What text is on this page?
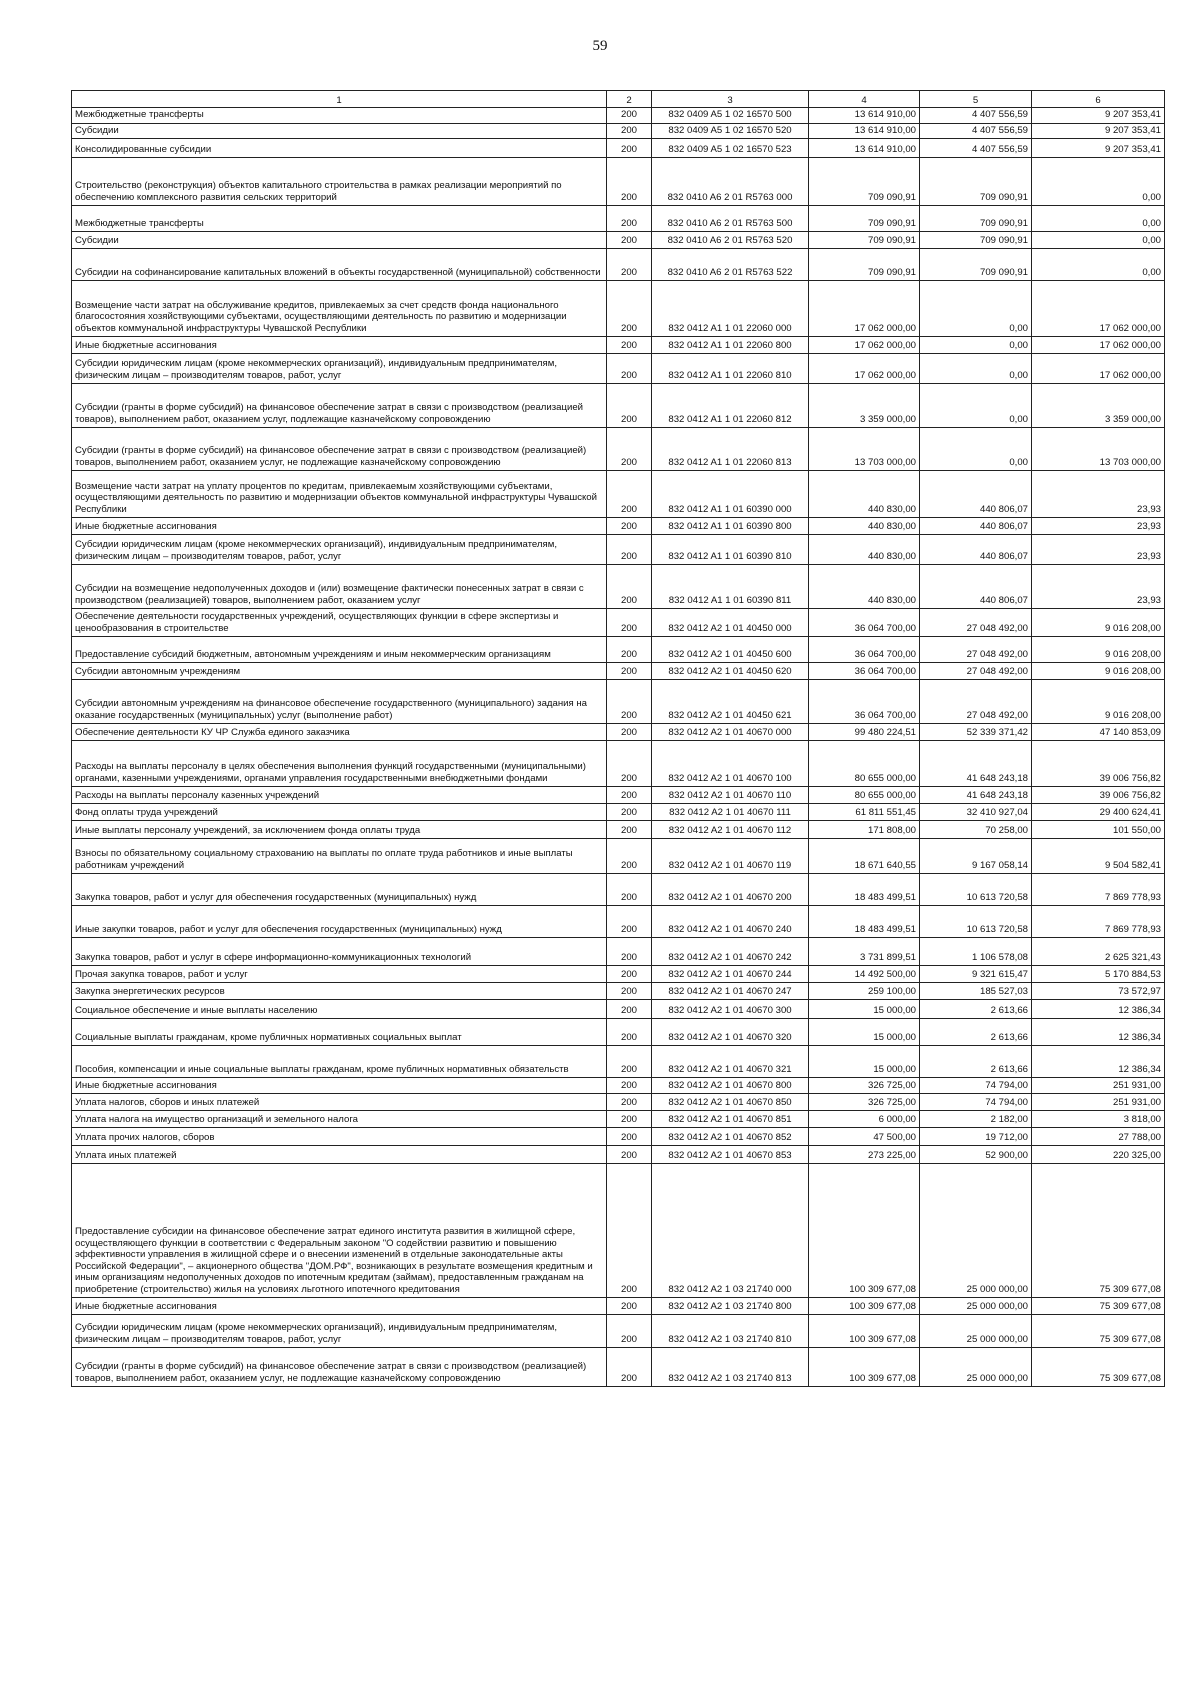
59
1	2	3	4	5	6
Межбюджетные трансферты	200	832 0409 A5 1 02 16570 500	13 614 910,00	4 407 556,59	9 207 353,41
Субсидии	200	832 0409 A5 1 02 16570 520	13 614 910,00	4 407 556,59	9 207 353,41
Консолидированные субсидии	200	832 0409 A5 1 02 16570 523	13 614 910,00	4 407 556,59	9 207 353,41
Строительство (реконструкция) объектов капитального строительства в рамках реализации мероприятий по обеспечению комплексного развития сельских территорий	200	832 0410 A6 2 01 R5763 000	709 090,91	709 090,91	0,00
Межбюджетные трансферты	200	832 0410 A6 2 01 R5763 500	709 090,91	709 090,91	0,00
Субсидии	200	832 0410 A6 2 01 R5763 520	709 090,91	709 090,91	0,00
Субсидии на софинансирование капитальных вложений в объекты государственной (муниципальной) собственности	200	832 0410 A6 2 01 R5763 522	709 090,91	709 090,91	0,00
Возмещение части затрат на обслуживание кредитов, привлекаемых за счет средств фонда национального благосостояния хозяйствующими субъектами, осуществляющими деятельность по развитию и модернизации объектов коммунальной инфраструктуры Чувашской Республики	200	832 0412 A1 1 01 22060 000	17 062 000,00	0,00	17 062 000,00
Иные бюджетные ассигнования	200	832 0412 A1 1 01 22060 800	17 062 000,00	0,00	17 062 000,00
Субсидии юридическим лицам (кроме некоммерческих организаций), индивидуальным предпринимателям, физическим лицам – производителям товаров, работ, услуг	200	832 0412 A1 1 01 22060 810	17 062 000,00	0,00	17 062 000,00
Субсидии (гранты в форме субсидий) на финансовое обеспечение затрат в связи с производством (реализацией товаров), выполнением работ, оказанием услуг, подлежащие казначейскому сопровождению	200	832 0412 A1 1 01 22060 812	3 359 000,00	0,00	3 359 000,00
Субсидии (гранты в форме субсидий) на финансовое обеспечение затрат в связи с производством (реализацией) товаров, выполнением работ, оказанием услуг, не подлежащие казначейскому сопровождению	200	832 0412 A1 1 01 22060 813	13 703 000,00	0,00	13 703 000,00
Возмещение части затрат на уплату процентов по кредитам, привлекаемым хозяйствующими субъектами, осуществляющими деятельность по развитию и модернизации объектов коммунальной инфраструктуры Чувашской Республики	200	832 0412 A1 1 01 60390 000	440 830,00	440 806,07	23,93
Иные бюджетные ассигнования	200	832 0412 A1 1 01 60390 800	440 830,00	440 806,07	23,93
Субсидии юридическим лицам (кроме некоммерческих организаций), индивидуальным предпринимателям, физическим лицам – производителям товаров, работ, услуг	200	832 0412 A1 1 01 60390 810	440 830,00	440 806,07	23,93
Субсидии на возмещение недополученных доходов и (или) возмещение фактически понесенных затрат в связи с производством (реализацией) товаров, выполнением работ, оказанием услуг	200	832 0412 A1 1 01 60390 811	440 830,00	440 806,07	23,93
Обеспечение деятельности государственных учреждений, осуществляющих функции в сфере экспертизы и ценообразования в строительстве	200	832 0412 A2 1 01 40450 000	36 064 700,00	27 048 492,00	9 016 208,00
Предоставление субсидий бюджетным, автономным учреждениям и иным некоммерческим организациям	200	832 0412 A2 1 01 40450 600	36 064 700,00	27 048 492,00	9 016 208,00
Субсидии автономным учреждениям	200	832 0412 A2 1 01 40450 620	36 064 700,00	27 048 492,00	9 016 208,00
Субсидии автономным учреждениям на финансовое обеспечение государственного (муниципального) задания на оказание государственных (муниципальных) услуг (выполнение работ)	200	832 0412 A2 1 01 40450 621	36 064 700,00	27 048 492,00	9 016 208,00
Обеспечение деятельности КУ ЧР Служба единого заказчика	200	832 0412 A2 1 01 40670 000	99 480 224,51	52 339 371,42	47 140 853,09
Расходы на выплаты персоналу в целях обеспечения выполнения функций государственными (муниципальными) органами, казенными учреждениями, органами управления государственными внебюджетными фондами	200	832 0412 A2 1 01 40670 100	80 655 000,00	41 648 243,18	39 006 756,82
Расходы на выплаты персоналу казенных учреждений	200	832 0412 A2 1 01 40670 110	80 655 000,00	41 648 243,18	39 006 756,82
Фонд оплаты труда учреждений	200	832 0412 A2 1 01 40670 111	61 811 551,45	32 410 927,04	29 400 624,41
Иные выплаты персоналу учреждений, за исключением фонда оплаты труда	200	832 0412 A2 1 01 40670 112	171 808,00	70 258,00	101 550,00
Взносы по обязательному социальному страхованию на выплаты по оплате труда работников и иные выплаты работникам учреждений	200	832 0412 A2 1 01 40670 119	18 671 640,55	9 167 058,14	9 504 582,41
Закупка товаров, работ и услуг для обеспечения государственных (муниципальных) нужд	200	832 0412 A2 1 01 40670 200	18 483 499,51	10 613 720,58	7 869 778,93
Иные закупки товаров, работ и услуг для обеспечения государственных (муниципальных) нужд	200	832 0412 A2 1 01 40670 240	18 483 499,51	10 613 720,58	7 869 778,93
Закупка товаров, работ и услуг в сфере информационно-коммуникационных технологий	200	832 0412 A2 1 01 40670 242	3 731 899,51	1 106 578,08	2 625 321,43
Прочая закупка товаров, работ и услуг	200	832 0412 A2 1 01 40670 244	14 492 500,00	9 321 615,47	5 170 884,53
Закупка энергетических ресурсов	200	832 0412 A2 1 01 40670 247	259 100,00	185 527,03	73 572,97
Социальное обеспечение и иные выплаты населению	200	832 0412 A2 1 01 40670 300	15 000,00	2 613,66	12 386,34
Социальные выплаты гражданам, кроме публичных нормативных социальных выплат	200	832 0412 A2 1 01 40670 320	15 000,00	2 613,66	12 386,34
Пособия, компенсации и иные социальные выплаты гражданам, кроме публичных нормативных обязательств	200	832 0412 A2 1 01 40670 321	15 000,00	2 613,66	12 386,34
Иные бюджетные ассигнования	200	832 0412 A2 1 01 40670 800	326 725,00	74 794,00	251 931,00
Уплата налогов, сборов и иных платежей	200	832 0412 A2 1 01 40670 850	326 725,00	74 794,00	251 931,00
Уплата налога на имущество организаций и земельного налога	200	832 0412 A2 1 01 40670 851	6 000,00	2 182,00	3 818,00
Уплата прочих налогов, сборов	200	832 0412 A2 1 01 40670 852	47 500,00	19 712,00	27 788,00
Уплата иных платежей	200	832 0412 A2 1 01 40670 853	273 225,00	52 900,00	220 325,00
Предоставление субсидии на финансовое обеспечение затрат единого института развития в жилищной сфере, осуществляющего функции в соответствии с Федеральным законом "О содействии развитию и повышению эффективности управления в жилищной сфере и о внесении изменений в отдельные законодательные акты Российской Федерации", – акционерного общества "ДОМ.РФ", возникающих в результате возмещения кредитным и иным организациям недополученных доходов по ипотечным кредитам (займам), предоставленным гражданам на приобретение (строительство) жилья на условиях льготного ипотечного кредитования	200	832 0412 A2 1 03 21740 000	100 309 677,08	25 000 000,00	75 309 677,08
Иные бюджетные ассигнования	200	832 0412 A2 1 03 21740 800	100 309 677,08	25 000 000,00	75 309 677,08
Субсидии юридическим лицам (кроме некоммерческих организаций), индивидуальным предпринимателям, физическим лицам – производителям товаров, работ, услуг	200	832 0412 A2 1 03 21740 810	100 309 677,08	25 000 000,00	75 309 677,08
Субсидии (гранты в форме субсидий) на финансовое обеспечение затрат в связи с производством (реализацией) товаров, выполнением работ, оказанием услуг, не подлежащие казначейскому сопровождению	200	832 0412 A2 1 03 21740 813	100 309 677,08	25 000 000,00	75 309 677,08
